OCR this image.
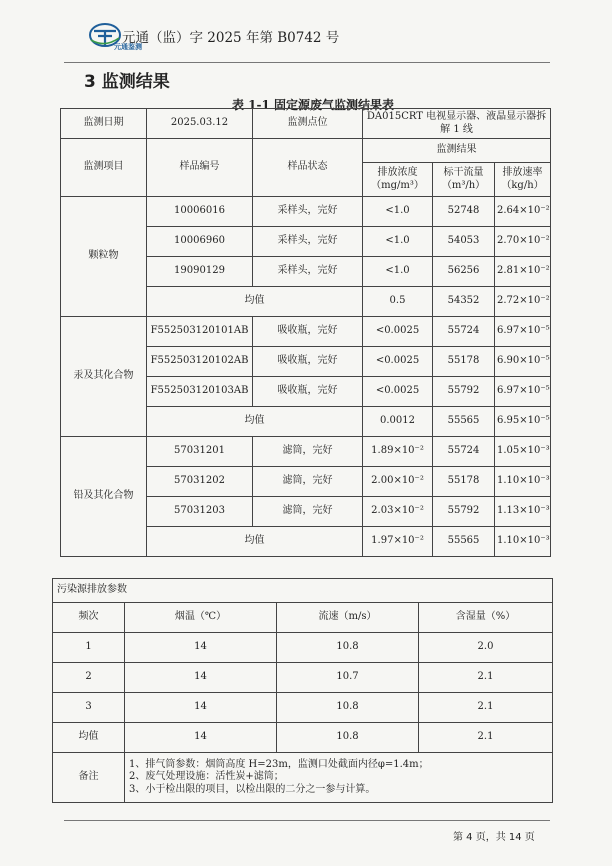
元通鉴测
元通（监）字 2025 年第 B0742 号
3 监测结果
表 1-1 固定源废气监测结果表
监测日期	2025.03.12	监测点位	DA015CRT 电视显示器、液晶显示器拆解 1 线		
监测项目	样品编号	样品状态	监测结果		
			排放浓度（mg/m³）	标干流量（m³/h）	排放速率（kg/h）
颗粒物	10006016	采样头，完好	<1.0	52748	2.64×10⁻²
	10006960	采样头，完好	<1.0	54053	2.70×10⁻²
	19090129	采样头，完好	<1.0	56256	2.81×10⁻²
	均值		0.5	54352	2.72×10⁻²
汞及其化合物	F552503120101AB	吸收瓶，完好	<0.0025	55724	6.97×10⁻⁵
	F552503120102AB	吸收瓶，完好	<0.0025	55178	6.90×10⁻⁵
	F552503120103AB	吸收瓶，完好	<0.0025	55792	6.97×10⁻⁵
	均值		0.0012	55565	6.95×10⁻⁵
铅及其化合物	57031201	滤筒，完好	1.89×10⁻²	55724	1.05×10⁻³
	57031202	滤筒，完好	2.00×10⁻²	55178	1.10×10⁻³
	57031203	滤筒，完好	2.03×10⁻²	55792	1.13×10⁻³
	均值		1.97×10⁻²	55565	1.10×10⁻³
污染源排放参数			
频次	烟温（℃）	流速（m/s）	含湿量（%）
1	14	10.8	2.0
2	14	10.7	2.1
3	14	10.8	2.1
均值	14	10.8	2.1
备注	1、排气筒参数：烟筒高度 H=23m，监测口处截面内径φ=1.4m；
2、废气处理设施：活性炭+滤筒；
3、小于检出限的项目，以检出限的二分之一参与计算。		
第 4 页，共 14 页
